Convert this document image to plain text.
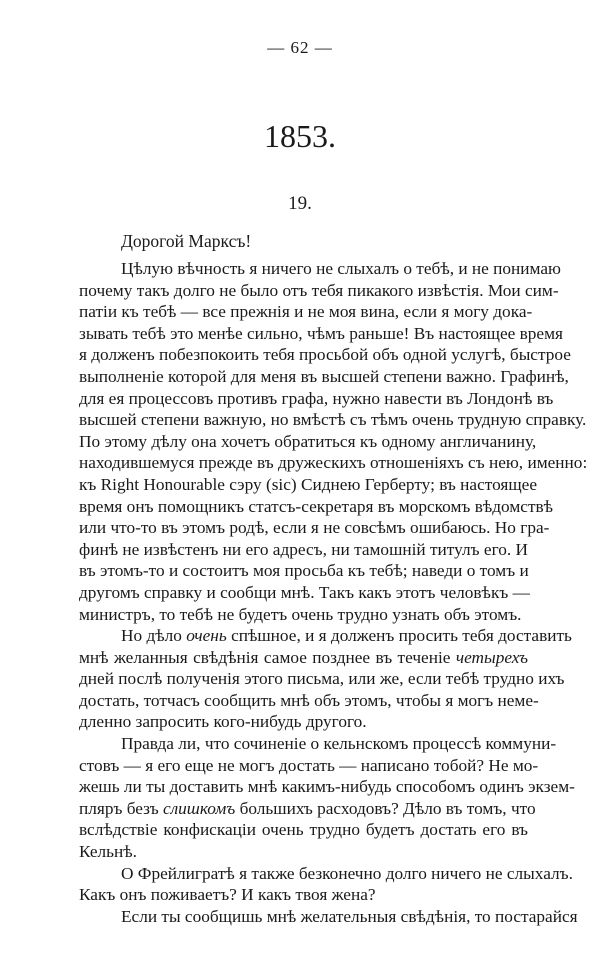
— 62 —
1853.
19.
Дорогой Марксъ!
Цѣлую вѣчность я ничего не слыхалъ о тебѣ, и не понимаю
почему такъ долго не было отъ тебя пикакого извѣстія. Мои сим-
патіи къ тебѣ — все прежнія и не моя вина, если я могу дока-
зывать тебѣ это менѣе сильно, чѣмъ раньше! Въ настоящее время
я долженъ побезпокоить тебя просьбой объ одной услугѣ, быстрое
выполненіе которой для меня въ высшей степени важно. Графинѣ,
для ея процессовъ противъ графа, нужно навести въ Лондонѣ въ
высшей степени важную, но вмѣстѣ съ тѣмъ очень трудную справку.
По этому дѣлу она хочетъ обратиться къ одному англичанину,
находившемуся прежде въ дружескихъ отношеніяхъ съ нею, именно:
къ Right Honourable сэру (sic) Сиднею Герберту; въ настоящее
время онъ помощникъ статсъ-секретаря въ морскомъ вѣдомствѣ
или что-то въ этомъ родѣ, если я не совсѣмъ ошибаюсь. Но гра-
финѣ не извѣстенъ ни его адресъ, ни тамошній титулъ его. И
въ этомъ-то и состоитъ моя просьба къ тебѣ; наведи о томъ и
другомъ справку и сообщи мнѣ. Такъ какъ этотъ человѣкъ —
министръ, то тебѣ не будетъ очень трудно узнать объ этомъ.
Но дѣло очень спѣшное, и я долженъ просить тебя доставить
мнѣ желанныя свѣдѣнія самое позднее въ теченіе четырехъ
дней послѣ полученія этого письма, или же, если тебѣ трудно ихъ
достать, тотчасъ сообщить мнѣ объ этомъ, чтобы я могъ неме-
дленно запросить кого-нибудь другого.
Правда ли, что сочиненіе о кельнскомъ процессѣ коммуни-
стовъ — я его еще не могъ достать — написано тобой? Не мо-
жешь ли ты доставить мнѣ какимъ-нибудь способомъ одинъ экзем-
пляръ безъ слишкомъ большихъ расходовъ? Дѣло въ томъ, что
вслѣдствіе конфискаціи очень трудно будетъ достать его въ
Кельнѣ.
О Фрейлигратѣ я также безконечно долго ничего не слыхалъ.
Какъ онъ поживаетъ? И какъ твоя жена?
Если ты сообщишь мнѣ желательныя свѣдѣнія, то постарайся
